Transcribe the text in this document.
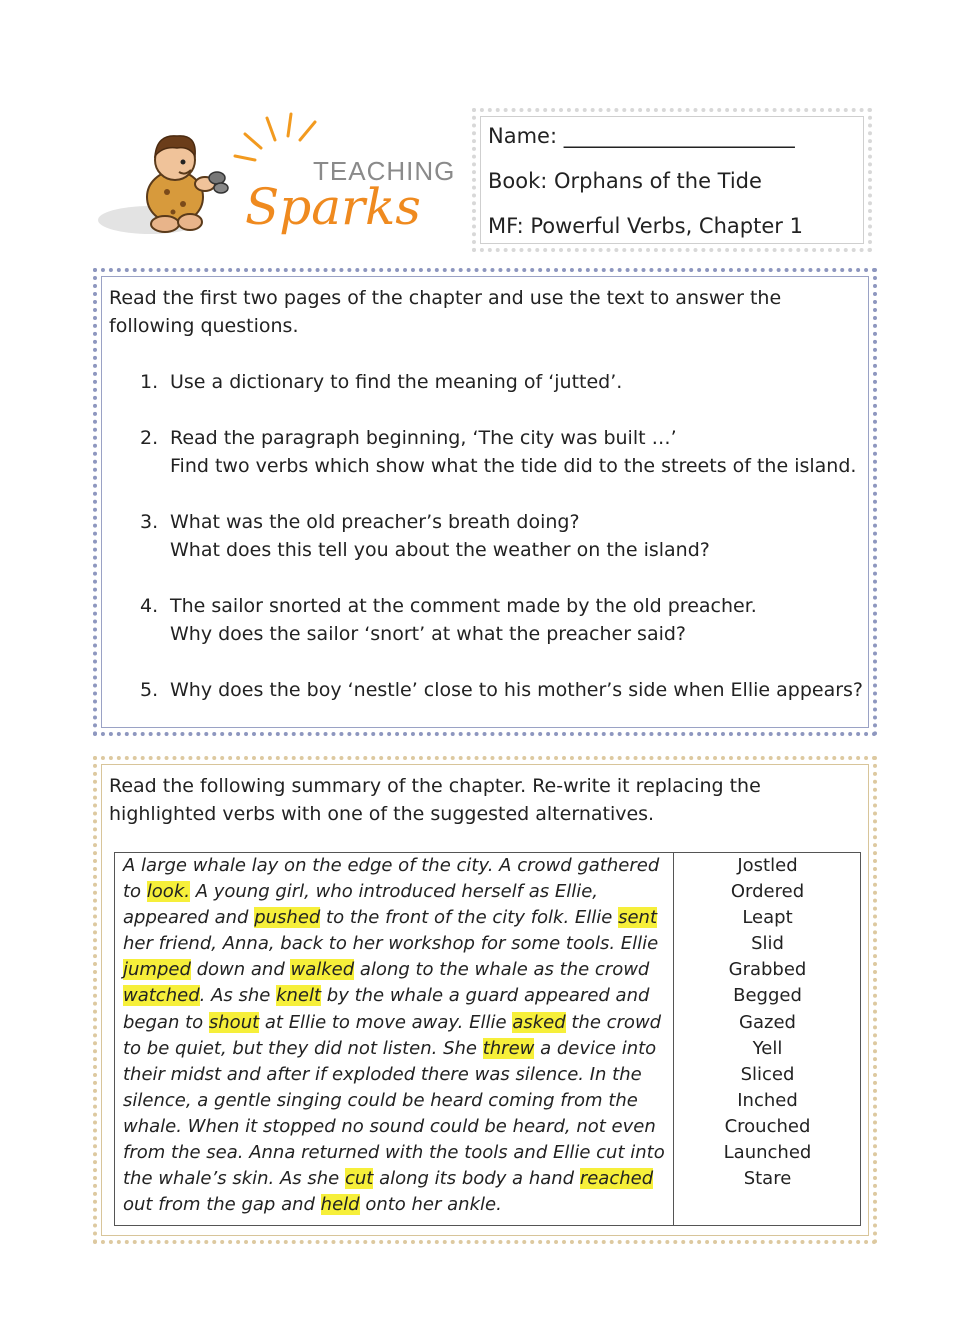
TEACHING
Sparks
Name: ______________________
Book: Orphans of the Tide
MF: Powerful Verbs, Chapter 1
Read the first two pages of the chapter and use the text to answer the following questions.
1. Use a dictionary to find the meaning of ‘jutted’.
2. Read the paragraph beginning, ‘The city was built …’
Find two verbs which show what the tide did to the streets of the island.
3. What was the old preacher’s breath doing?
What does this tell you about the weather on the island?
4. The sailor snorted at the comment made by the old preacher.
Why does the sailor ‘snort’ at what the preacher said?
5. Why does the boy ‘nestle’ close to his mother’s side when Ellie appears?
Read the following summary of the chapter. Re-write it replacing the highlighted verbs with one of the suggested alternatives.
A large whale lay on the edge of the city. A crowd gathered to look. A young girl, who introduced herself as Ellie, appeared and pushed to the front of the city folk. Ellie sent her friend, Anna, back to her workshop for some tools. Ellie jumped down and walked along to the whale as the crowd watched. As she knelt by the whale a guard appeared and began to shout at Ellie to move away. Ellie asked the crowd to be quiet, but they did not listen. She threw a device into their midst and after if exploded there was silence. In the silence, a gentle singing could be heard coming from the whale. When it stopped no sound could be heard, not even from the sea. Anna returned with the tools and Ellie cut into the whale’s skin. As she cut along its body a hand reached out from the gap and held onto her ankle.
Jostled
Ordered
Leapt
Slid
Grabbed
Begged
Gazed
Yell
Sliced
Inched
Crouched
Launched
Stare
